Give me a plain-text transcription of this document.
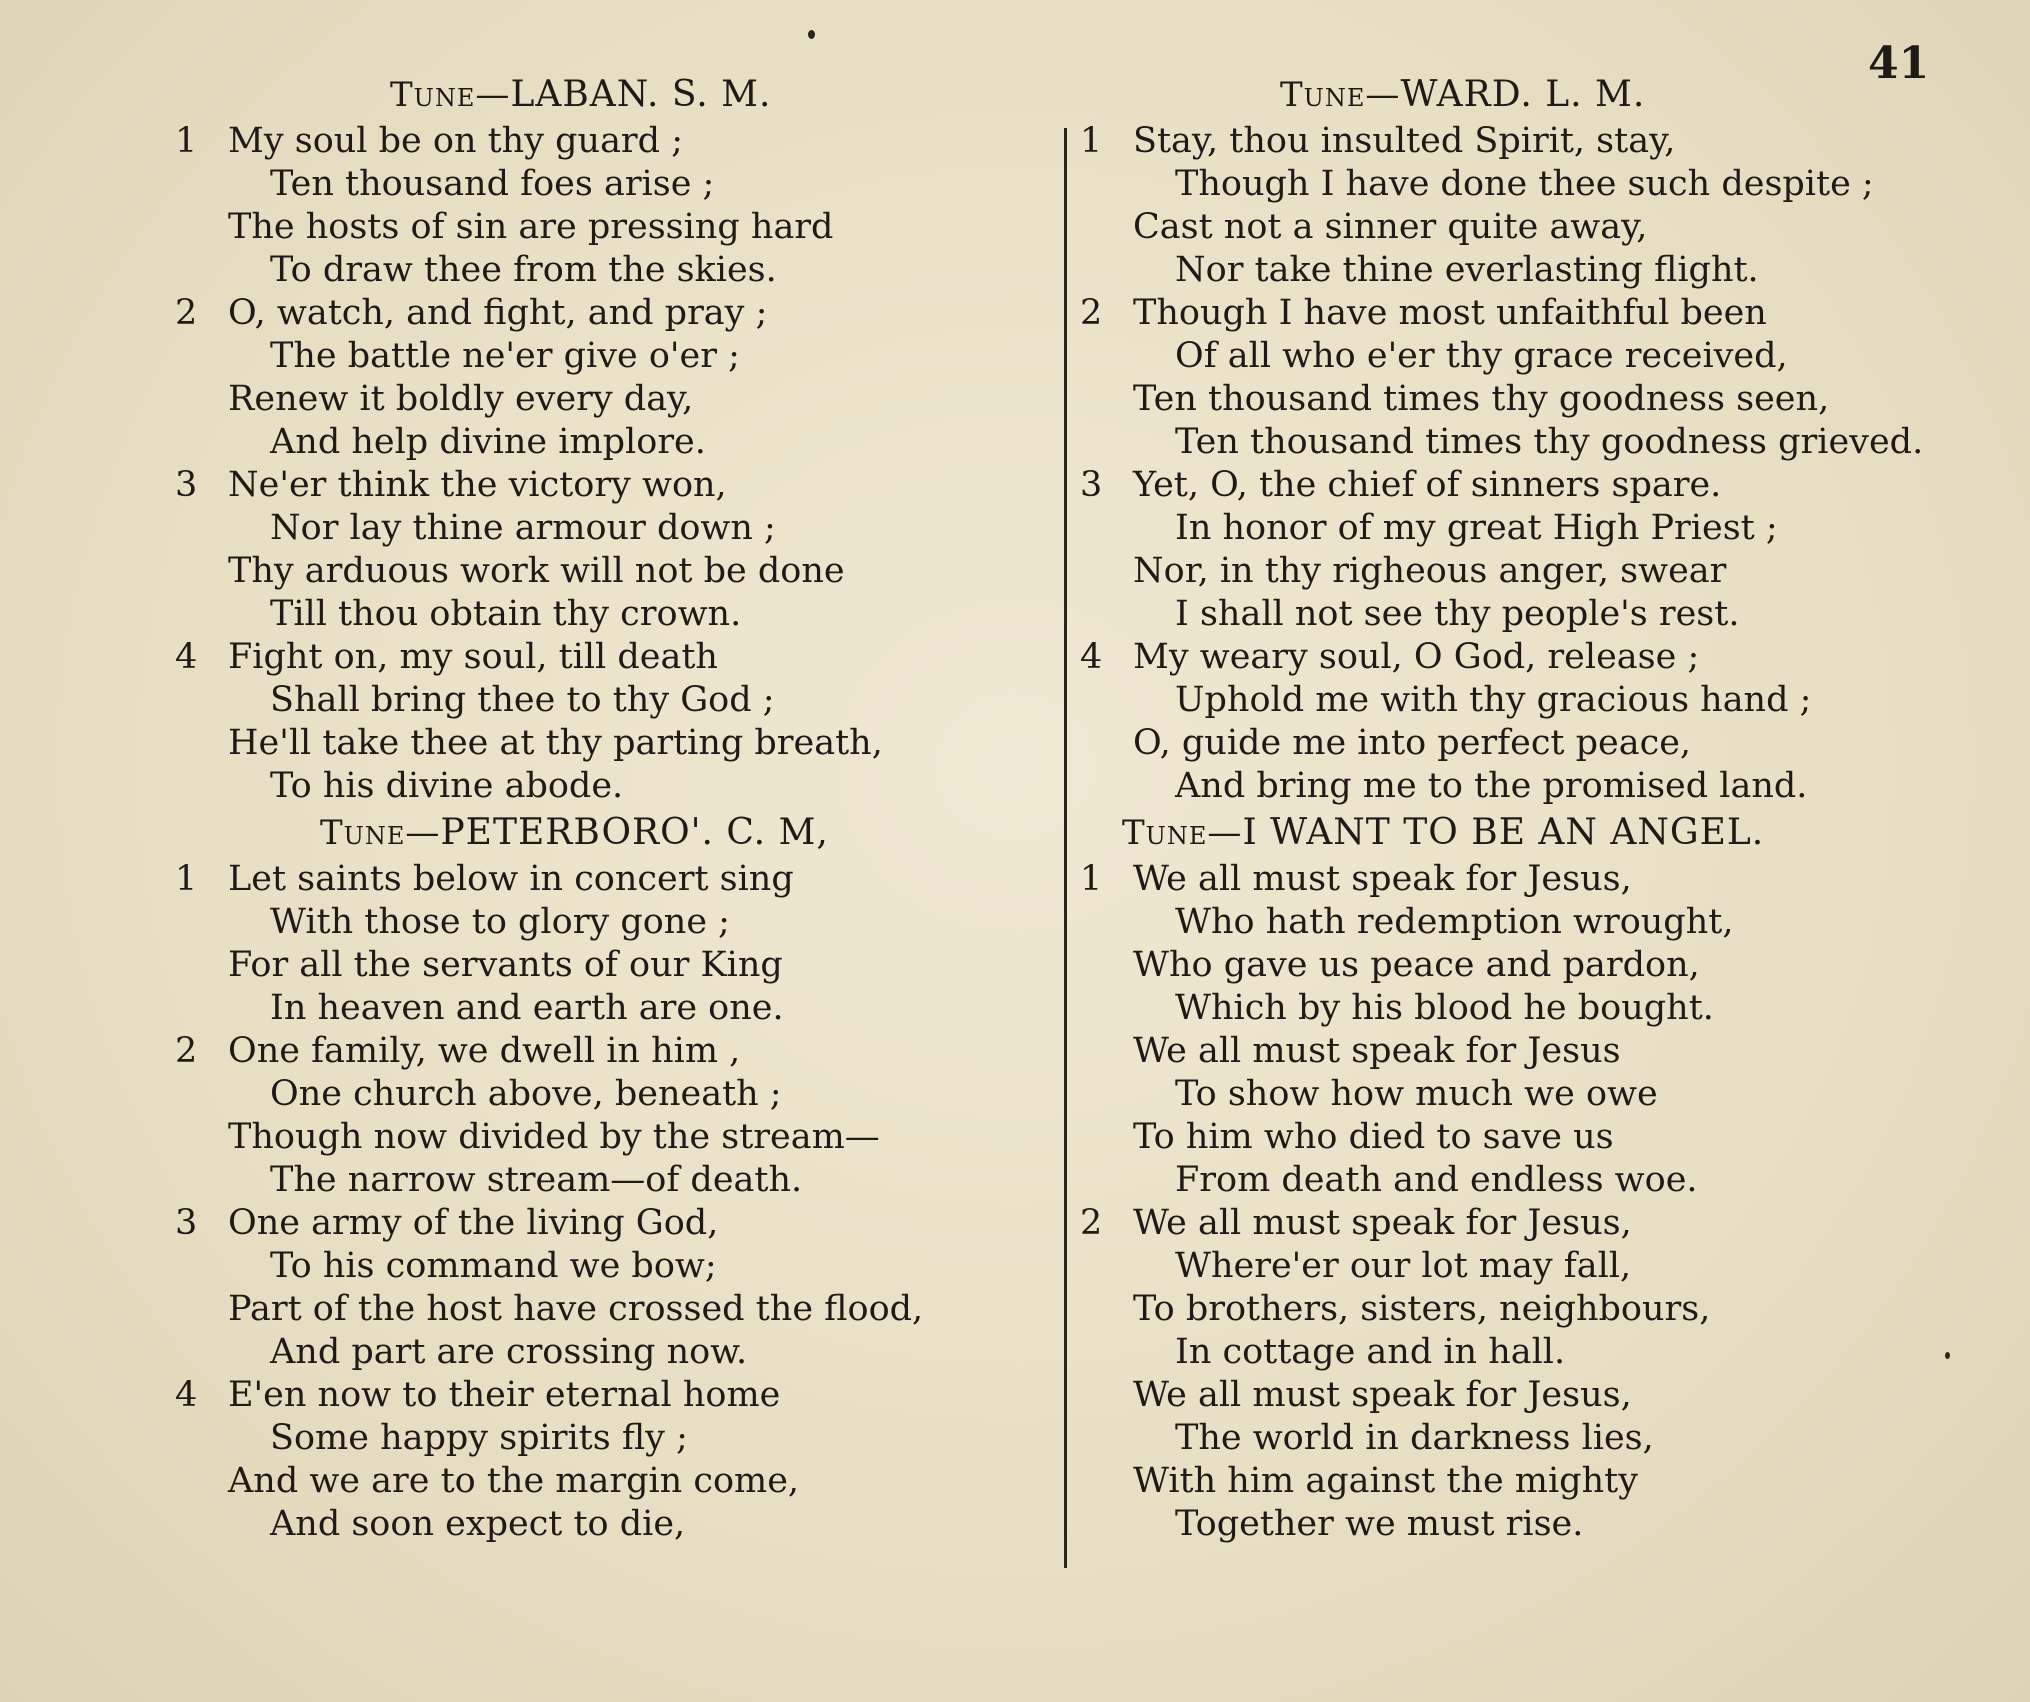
41
Tune—LABAN. S. M.
1 My soul be on thy guard ;
Ten thousand foes arise ;
The hosts of sin are pressing hard
To draw thee from the skies.
2 O, watch, and fight, and pray ;
The battle ne'er give o'er ;
Renew it boldly every day,
And help divine implore.
3 Ne'er think the victory won,
Nor lay thine armour down ;
Thy arduous work will not be done
Till thou obtain thy crown.
4 Fight on, my soul, till death
Shall bring thee to thy God ;
He'll take thee at thy parting breath,
To his divine abode.
Tune—PETERBORO'. C. M,
1 Let saints below in concert sing
With those to glory gone ;
For all the servants of our King
In heaven and earth are one.
2 One family, we dwell in him ,
One church above, beneath ;
Though now divided by the stream—
The narrow stream—of death.
3 One army of the living God,
To his command we bow;
Part of the host have crossed the flood,
And part are crossing now.
4 E'en now to their eternal home
Some happy spirits fly ;
And we are to the margin come,
And soon expect to die,
Tune—WARD. L. M.
1 Stay, thou insulted Spirit, stay,
Though I have done thee such despite ;
Cast not a sinner quite away,
Nor take thine everlasting flight.
2 Though I have most unfaithful been
Of all who e'er thy grace received,
Ten thousand times thy goodness seen,
Ten thousand times thy goodness grieved.
3 Yet, O, the chief of sinners spare.
In honor of my great High Priest ;
Nor, in thy righeous anger, swear
I shall not see thy people's rest.
4 My weary soul, O God, release ;
Uphold me with thy gracious hand ;
O, guide me into perfect peace,
And bring me to the promised land.
Tune—I WANT TO BE AN ANGEL.
1 We all must speak for Jesus,
Who hath redemption wrought,
Who gave us peace and pardon,
Which by his blood he bought.
We all must speak for Jesus
To show how much we owe
To him who died to save us
From death and endless woe.
2 We all must speak for Jesus,
Where'er our lot may fall,
To brothers, sisters, neighbours,
In cottage and in hall.
We all must speak for Jesus,
The world in darkness lies,
With him against the mighty
Together we must rise.
